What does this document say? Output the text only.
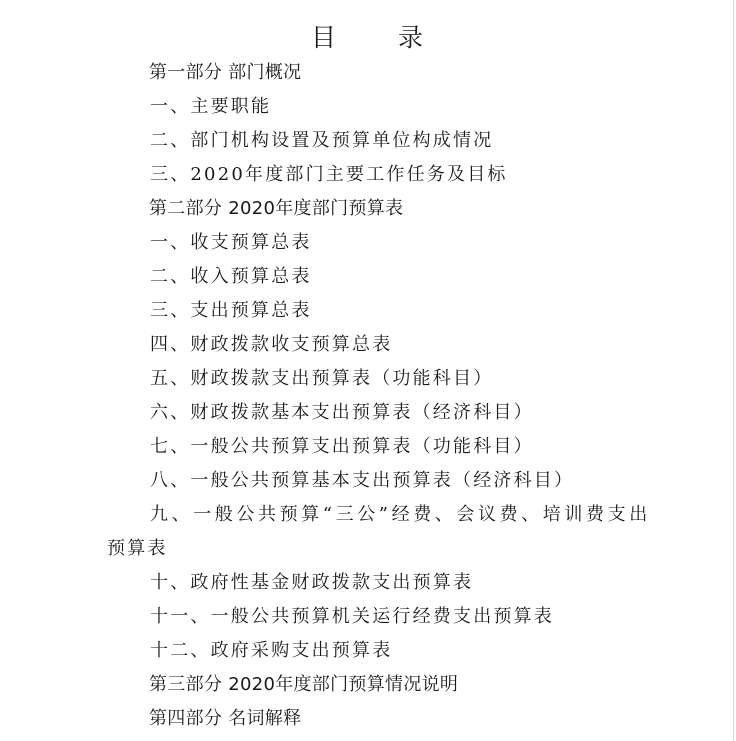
目 录
第一部分 部门概况
一、主要职能
二、部门机构设置及预算单位构成情况
三、2020年度部门主要工作任务及目标
第二部分 2020年度部门预算表
一、收支预算总表
二、收入预算总表
三、支出预算总表
四、财政拨款收支预算总表
五、财政拨款支出预算表（功能科目）
六、财政拨款基本支出预算表（经济科目）
七、一般公共预算支出预算表（功能科目）
八、一般公共预算基本支出预算表（经济科目）
九、一般公共预算“三公”经费、会议费、培训费支出
预算表
十、政府性基金财政拨款支出预算表
十一、一般公共预算机关运行经费支出预算表
十二、政府采购支出预算表
第三部分 2020年度部门预算情况说明
第四部分 名词解释
